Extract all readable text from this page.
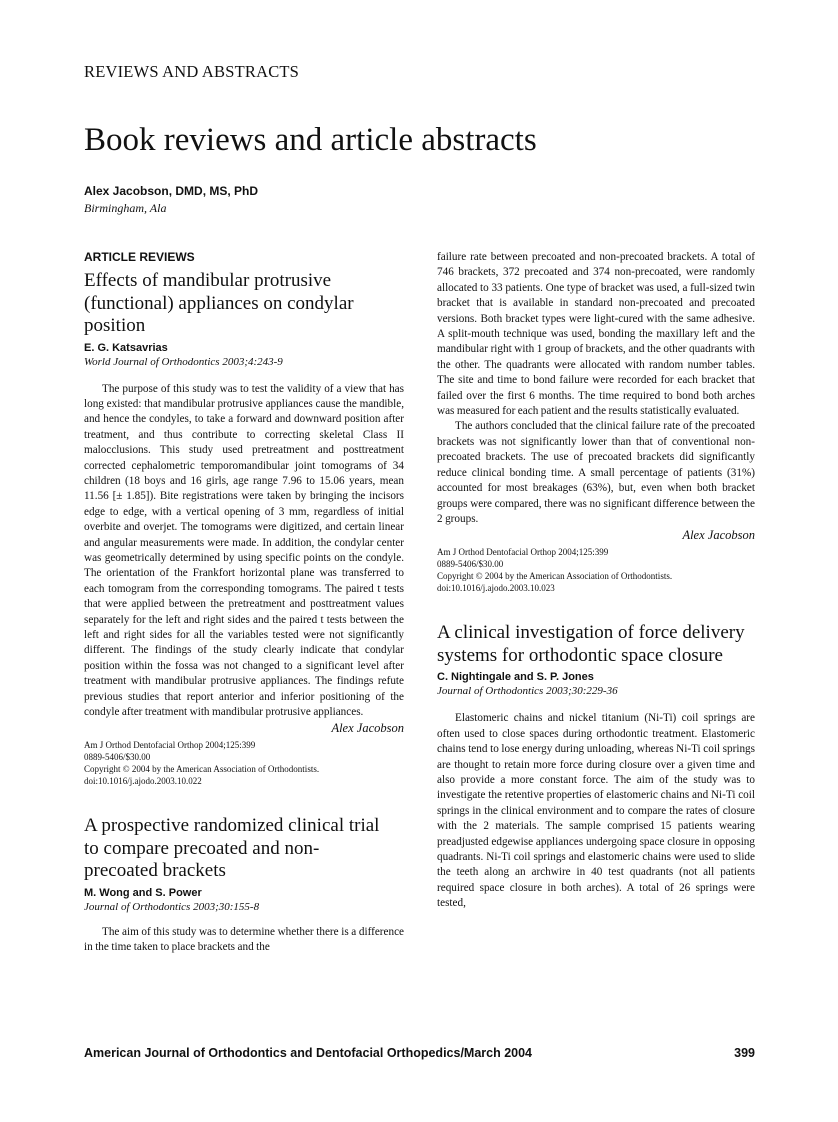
REVIEWS AND ABSTRACTS
Book reviews and article abstracts
Alex Jacobson, DMD, MS, PhD
Birmingham, Ala
ARTICLE REVIEWS
Effects of mandibular protrusive (functional) appliances on condylar position
E. G. Katsavrias
World Journal of Orthodontics 2003;4:243-9

The purpose of this study was to test the validity of a view that has long existed: that mandibular protrusive appliances cause the mandible, and hence the condyles, to take a forward and downward position after treatment, and thus contribute to correcting skeletal Class II malocclusions. This study used pretreatment and posttreatment corrected cephalometric temporomandibular joint tomograms of 34 children (18 boys and 16 girls, age range 7.96 to 15.06 years, mean 11.56 [± 1.85]). Bite registrations were taken by bringing the incisors edge to edge, with a vertical opening of 3 mm, regardless of initial overbite and overjet. The tomograms were digitized, and certain linear and angular measurements were made. In addition, the condylar center was geometrically determined by using specific points on the condyle. The orientation of the Frankfort horizontal plane was transferred to each tomogram from the corresponding tomograms. The paired t tests that were applied between the pretreatment and posttreatment values separately for the left and right sides and the paired t tests between the left and right sides for all the variables tested were not significantly different. The findings of the study clearly indicate that condylar position within the fossa was not changed to a significant level after treatment with mandibular protrusive appliances. The findings refute previous studies that report anterior and inferior positioning of the condyle after treatment with mandibular protrusive appliances.

Alex Jacobson
Am J Orthod Dentofacial Orthop 2004;125:399
0889-5406/$30.00
Copyright © 2004 by the American Association of Orthodontists.
doi:10.1016/j.ajodo.2003.10.022
A prospective randomized clinical trial to compare precoated and non-precoated brackets
M. Wong and S. Power
Journal of Orthodontics 2003;30:155-8

The aim of this study was to determine whether there is a difference in the time taken to place brackets and the

failure rate between precoated and non-precoated brackets. A total of 746 brackets, 372 precoated and 374 non-precoated, were randomly allocated to 33 patients. One type of bracket was used, a full-sized twin bracket that is available in standard non-precoated and precoated versions. Both bracket types were light-cured with the same adhesive. A split-mouth technique was used, bonding the maxillary left and the mandibular right with 1 group of brackets, and the other quadrants with the other. The quadrants were allocated with random number tables. The site and time to bond failure were recorded for each bracket that failed over the first 6 months. The time required to bond both arches was measured for each patient and the results statistically evaluated.

The authors concluded that the clinical failure rate of the precoated brackets was not significantly lower than that of conventional non-precoated brackets. The use of precoated brackets did significantly reduce clinical bonding time. A small percentage of patients (31%) accounted for most breakages (63%), but, even when both bracket groups were compared, there was no significant difference between the 2 groups.

Alex Jacobson
Am J Orthod Dentofacial Orthop 2004;125:399
0889-5406/$30.00
Copyright © 2004 by the American Association of Orthodontists.
doi:10.1016/j.ajodo.2003.10.023
A clinical investigation of force delivery systems for orthodontic space closure
C. Nightingale and S. P. Jones
Journal of Orthodontics 2003;30:229-36

Elastomeric chains and nickel titanium (Ni-Ti) coil springs are often used to close spaces during orthodontic treatment. Elastomeric chains tend to lose energy during unloading, whereas Ni-Ti coil springs are thought to retain more force during closure over a given time and also provide a more constant force. The aim of the study was to investigate the retentive properties of elastomeric chains and Ni-Ti coil springs in the clinical environment and to compare the rates of closure with the 2 materials. The sample comprised 15 patients wearing preadjusted edgewise appliances undergoing space closure in opposing quadrants. Ni-Ti coil springs and elastomeric chains were used to slide the teeth along an archwire in 40 test quadrants (not all patients required space closure in both arches). A total of 26 springs were tested,

American Journal of Orthodontics and Dentofacial Orthopedics/March 2004	399
